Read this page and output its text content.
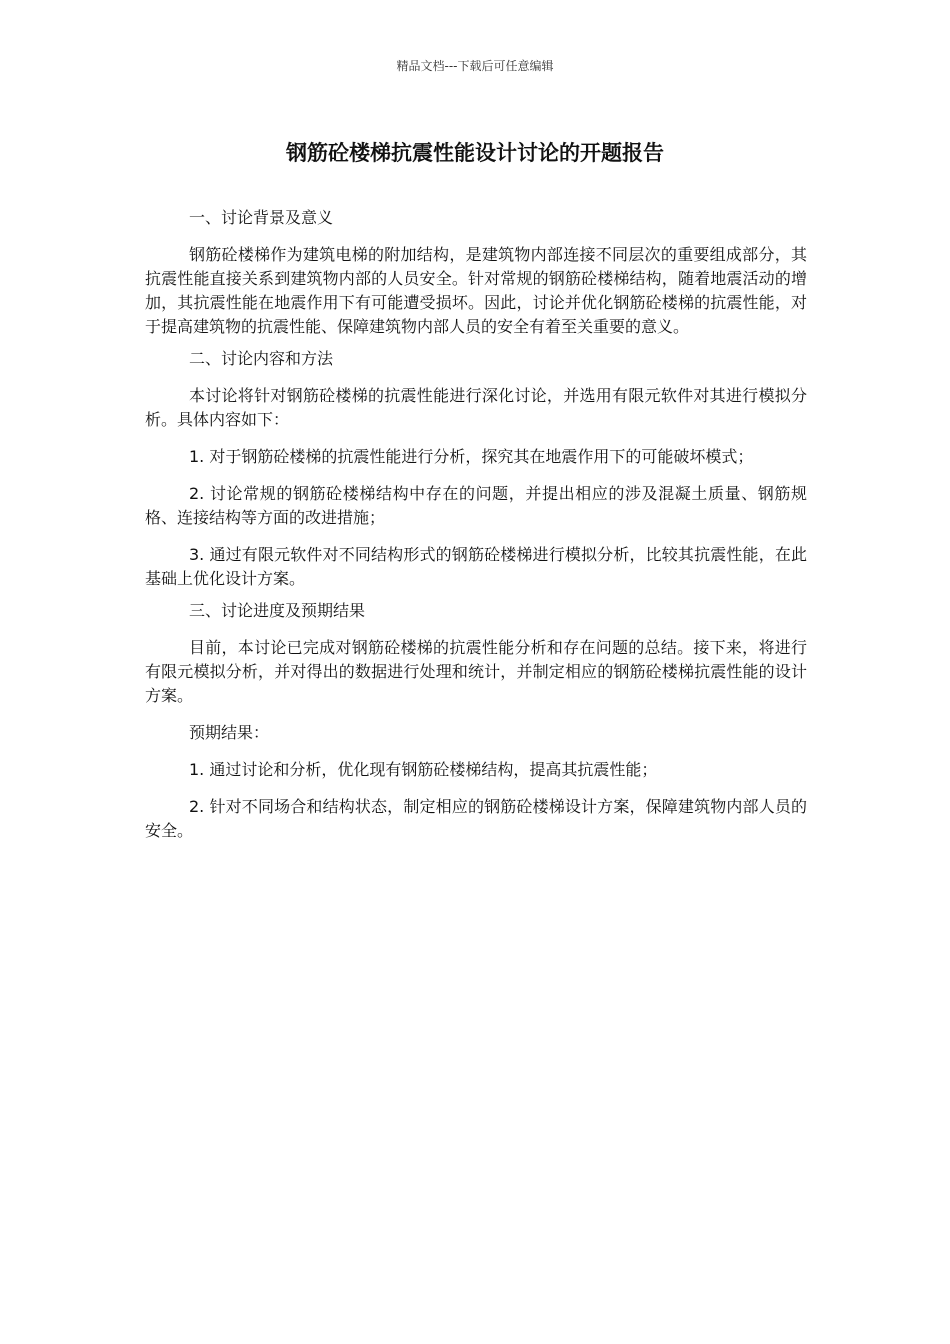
精品文档---下载后可任意编辑
钢筋砼楼梯抗震性能设计讨论的开题报告

一、讨论背景及意义

钢筋砼楼梯作为建筑电梯的附加结构，是建筑物内部连接不同层次的重要组成部分，其抗震性能直接关系到建筑物内部的人员安全。针对常规的钢筋砼楼梯结构，随着地震活动的增加，其抗震性能在地震作用下有可能遭受损坏。因此，讨论并优化钢筋砼楼梯的抗震性能，对于提高建筑物的抗震性能、保障建筑物内部人员的安全有着至关重要的意义。

二、讨论内容和方法

本讨论将针对钢筋砼楼梯的抗震性能进行深化讨论，并选用有限元软件对其进行模拟分析。具体内容如下：

1. 对于钢筋砼楼梯的抗震性能进行分析，探究其在地震作用下的可能破坏模式；

2. 讨论常规的钢筋砼楼梯结构中存在的问题，并提出相应的涉及混凝土质量、钢筋规格、连接结构等方面的改进措施；

3. 通过有限元软件对不同结构形式的钢筋砼楼梯进行模拟分析，比较其抗震性能，在此基础上优化设计方案。

三、讨论进度及预期结果

目前，本讨论已完成对钢筋砼楼梯的抗震性能分析和存在问题的总结。接下来，将进行有限元模拟分析，并对得出的数据进行处理和统计，并制定相应的钢筋砼楼梯抗震性能的设计方案。

预期结果：

1. 通过讨论和分析，优化现有钢筋砼楼梯结构，提高其抗震性能；

2. 针对不同场合和结构状态，制定相应的钢筋砼楼梯设计方案，保障建筑物内部人员的安全。
